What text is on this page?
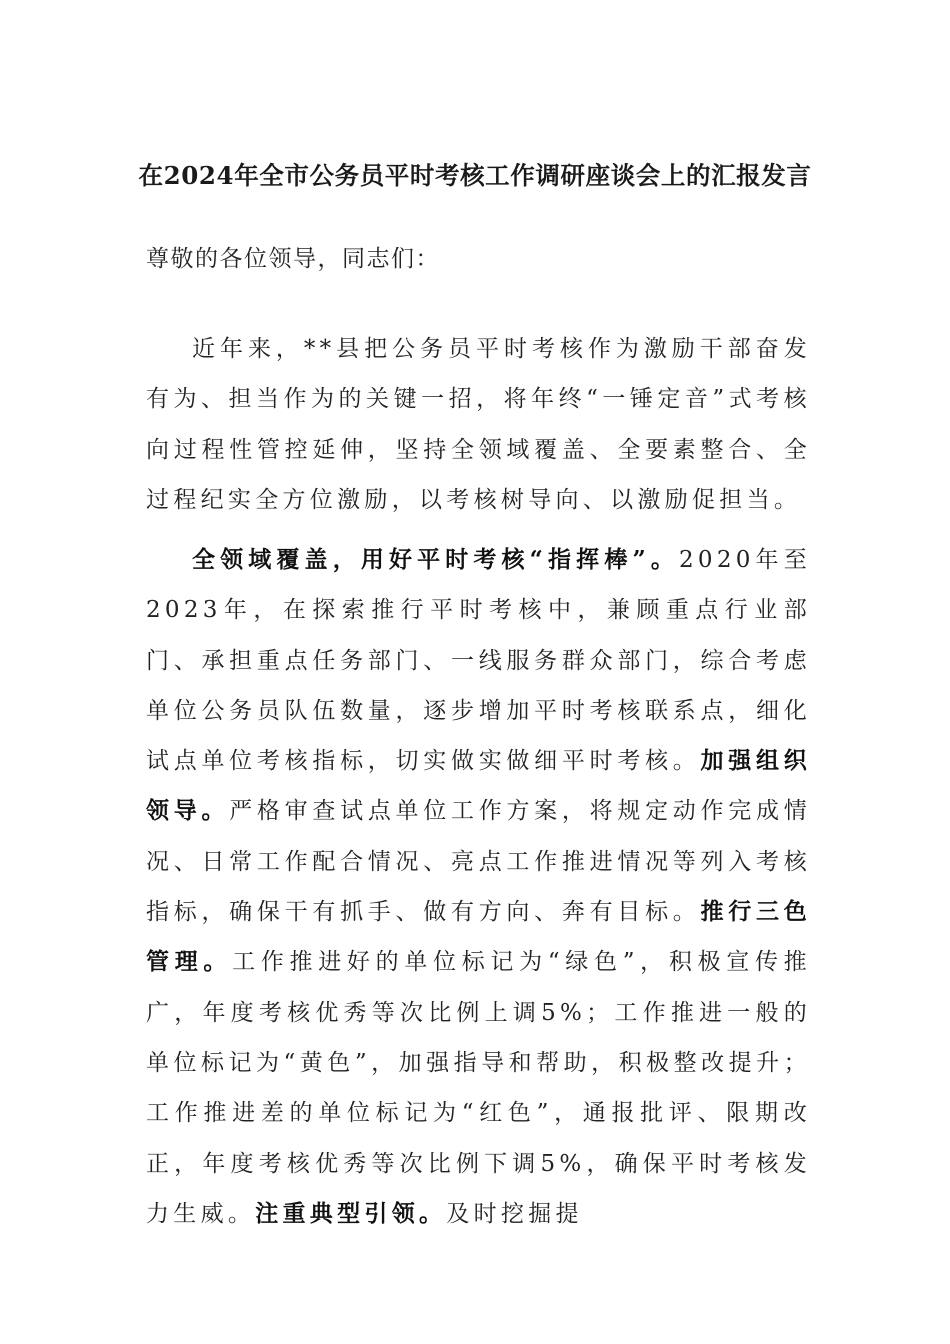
在2024年全市公务员平时考核工作调研座谈会上的汇报发言
尊敬的各位领导，同志们：

近年来，**县把公务员平时考核作为激励干部奋发有为、担当作为的关键一招，将年终“一锤定音”式考核向过程性管控延伸，坚持全领域覆盖、全要素整合、全过程纪实全方位激励，以考核树导向、以激励促担当。

全领域覆盖，用好平时考核“指挥棒”。2020年至2023年，在探索推行平时考核中，兼顾重点行业部门、承担重点任务部门、一线服务群众部门，综合考虑单位公务员队伍数量，逐步增加平时考核联系点，细化试点单位考核指标，切实做实做细平时考核。加强组织领导。严格审查试点单位工作方案，将规定动作完成情况、日常工作配合情况、亮点工作推进情况等列入考核指标，确保干有抓手、做有方向、奔有目标。推行三色管理。工作推进好的单位标记为“绿色”，积极宣传推广，年度考核优秀等次比例上调5%；工作推进一般的单位标记为“黄色”，加强指导和帮助，积极整改提升；工作推进差的单位标记为“红色”，通报批评、限期改正，年度考核优秀等次比例下调5%，确保平时考核发力生威。注重典型引领。及时挖掘提
